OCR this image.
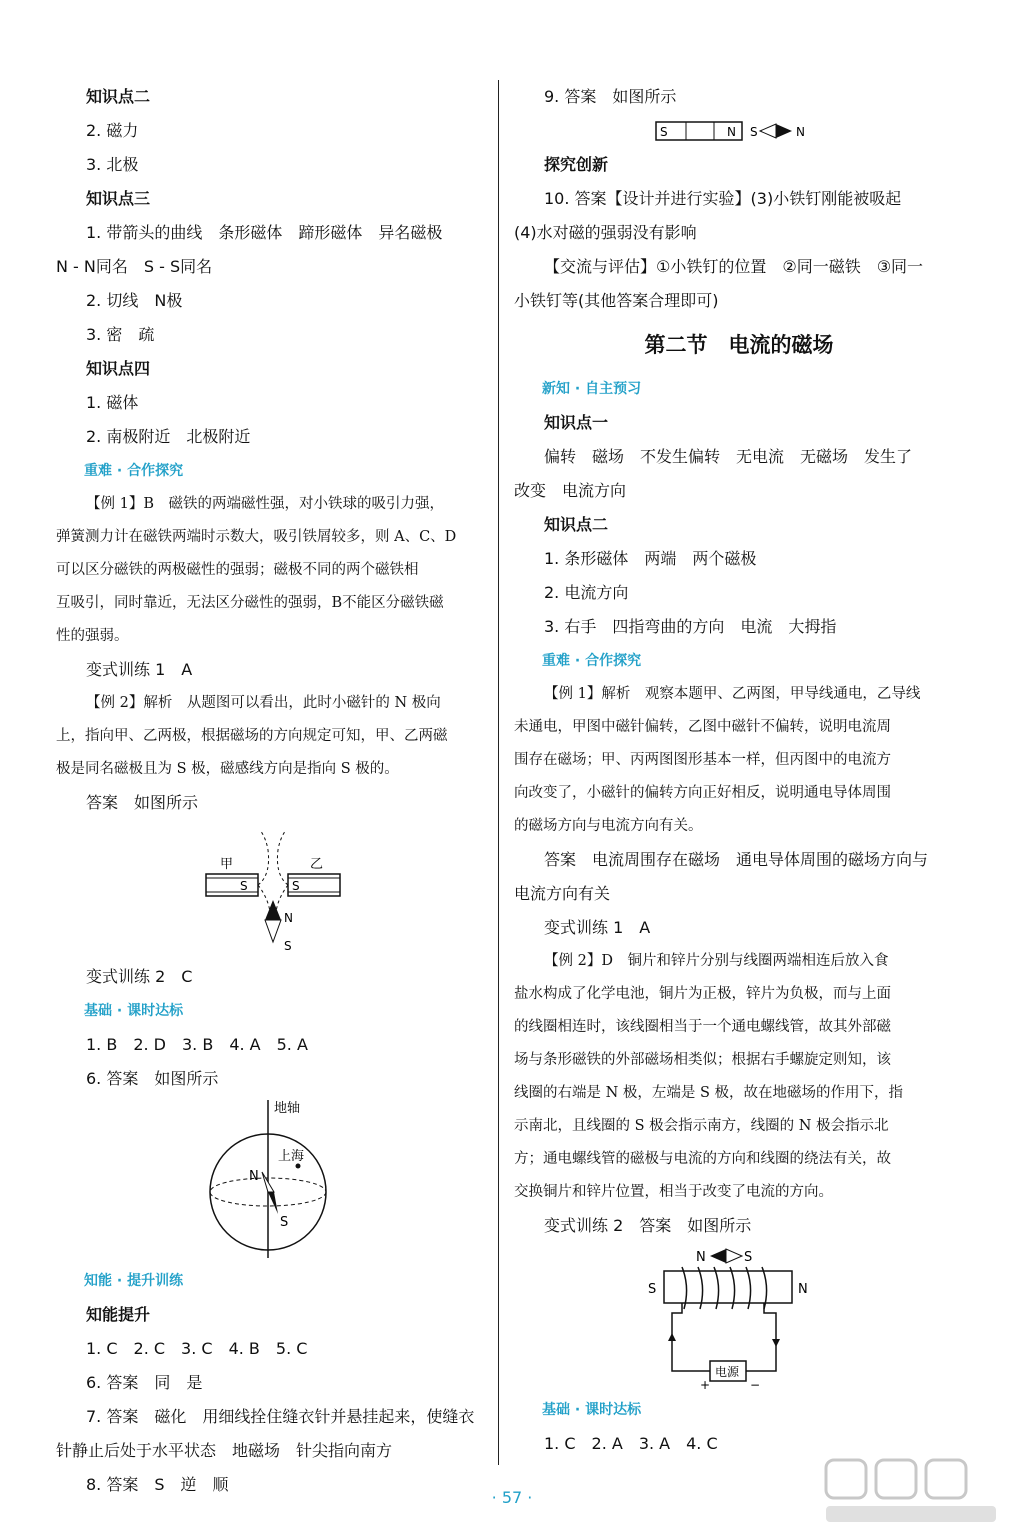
知识点二
2. 磁力
3. 北极
知识点三
1. 带箭头的曲线　条形磁体　蹄形磁体　异名磁极
N - N同名　S - S同名
2. 切线　N极
3. 密　疏
知识点四
1. 磁体
2. 南极附近　北极附近
重难 · 合作探究
【例 1】B　磁铁的两端磁性强，对小铁球的吸引力强，
弹簧测力计在磁铁两端时示数大，吸引铁屑较多，则 A、C、D
可以区分磁铁的两极磁性的强弱；磁极不同的两个磁铁相
互吸引，同时靠近，无法区分磁性的强弱，B不能区分磁铁磁
性的强弱。
变式训练 1　A
【例 2】解析　从题图可以看出，此时小磁针的 N 极向
上，指向甲、乙两极，根据磁场的方向规定可知，甲、乙两磁
极是同名磁极且为 S 极，磁感线方向是指向 S 极的。
答案　如图所示
甲	乙
S	S
N
S
变式训练 2　C
基础 · 课时达标
1. B　2. D　3. B　4. A　5. A
6. 答案　如图所示
地轴
上海
N
S
知能 · 提升训练
知能提升
1. C　2. C　3. C　4. B　5. C
6. 答案　同　是
7. 答案　磁化　用细线拴住缝衣针并悬挂起来，使缝衣
针静止后处于水平状态　地磁场　针尖指向南方
8. 答案　S　逆　顺
9. 答案　如图所示
S	N S	N
探究创新
10. 答案【设计并进行实验】(3)小铁钉刚能被吸起
(4)水对磁的强弱没有影响
【交流与评估】①小铁钉的位置　②同一磁铁　③同一
小铁钉等(其他答案合理即可)
第二节　电流的磁场
新知 · 自主预习
知识点一
偏转　磁场　不发生偏转　无电流　无磁场　发生了
改变　电流方向
知识点二
1. 条形磁体　两端　两个磁极
2. 电流方向
3. 右手　四指弯曲的方向　电流　大拇指
重难 · 合作探究
【例 1】解析　观察本题甲、乙两图，甲导线通电，乙导线
未通电，甲图中磁针偏转，乙图中磁针不偏转，说明电流周
围存在磁场；甲、丙两图图形基本一样，但丙图中的电流方
向改变了，小磁针的偏转方向正好相反，说明通电导体周围
的磁场方向与电流方向有关。
答案　电流周围存在磁场　通电导体周围的磁场方向与
电流方向有关
变式训练 1　A
【例 2】D　铜片和锌片分别与线圈两端相连后放入食
盐水构成了化学电池，铜片为正极，锌片为负极，而与上面
的线圈相连时，该线圈相当于一个通电螺线管，故其外部磁
场与条形磁铁的外部磁场相类似；根据右手螺旋定则知，该
线圈的右端是 N 极，左端是 S 极，故在地磁场的作用下，指
示南北，且线圈的 S 极会指示南方，线圈的 N 极会指示北
方；通电螺线管的磁极与电流的方向和线圈的绕法有关，故
交换铜片和锌片位置，相当于改变了电流的方向。
变式训练 2　答案　如图所示
N	S
S	N
电源
+	−
基础 · 课时达标
1. C　2. A　3. A　4. C
· 57 ·
